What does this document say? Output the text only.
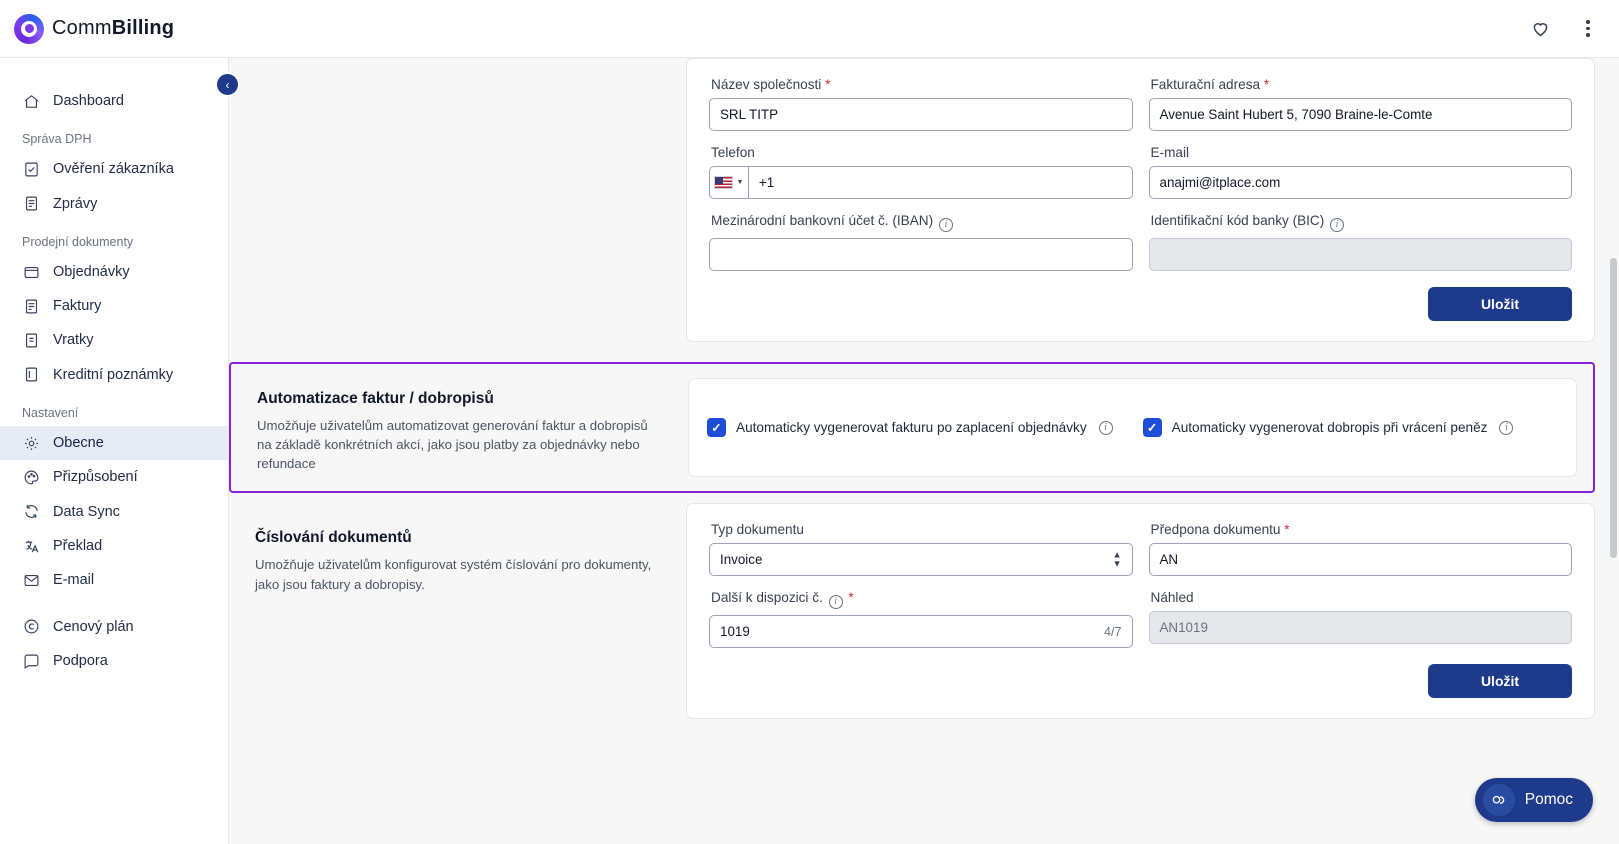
CommBilling
‹
Dashboard
Správa DPH
Ověření zákazníka
Zprávy
Prodejní dokumenty
Objednávky
Faktury
Vratky
Kreditní poznámky
Nastavení
Obecne
Přizpůsobení
Data Sync
Překlad
E-mail
Cenový plán
Podpora
Název společnosti *
SRL TITP
Fakturační adresa *
Avenue Saint Hubert 5, 7090 Braine-le-Comte
Telefon
▼	+1
E-mail
anajmi@itplace.com
Mezinárodní bankovní účet č. (IBAN) i	Identifikační kód banky (BIC) i
Uložit
Automatizace faktur / dobropisů

Umožňuje uživatelům automatizovat generování faktur a dobropisů na základě konkrétních akcí, jako jsou platby za objednávky nebo refundace

✓	Automaticky vygenerovat fakturu po zaplacení objednávky	i	✓	Automaticky vygenerovat dobropis při vrácení peněz	i
Číslování dokumentů

Umožňuje uživatelům konfigurovat systém číslování pro dokumenty, jako jsou faktury a dobropisy.

Typ dokumentu
Invoice	▲
▼
Předpona dokumentu *
AN
Další k dispozici č. i *
1019	4/7
Náhled
AN1019
Uložit
Pomoc
